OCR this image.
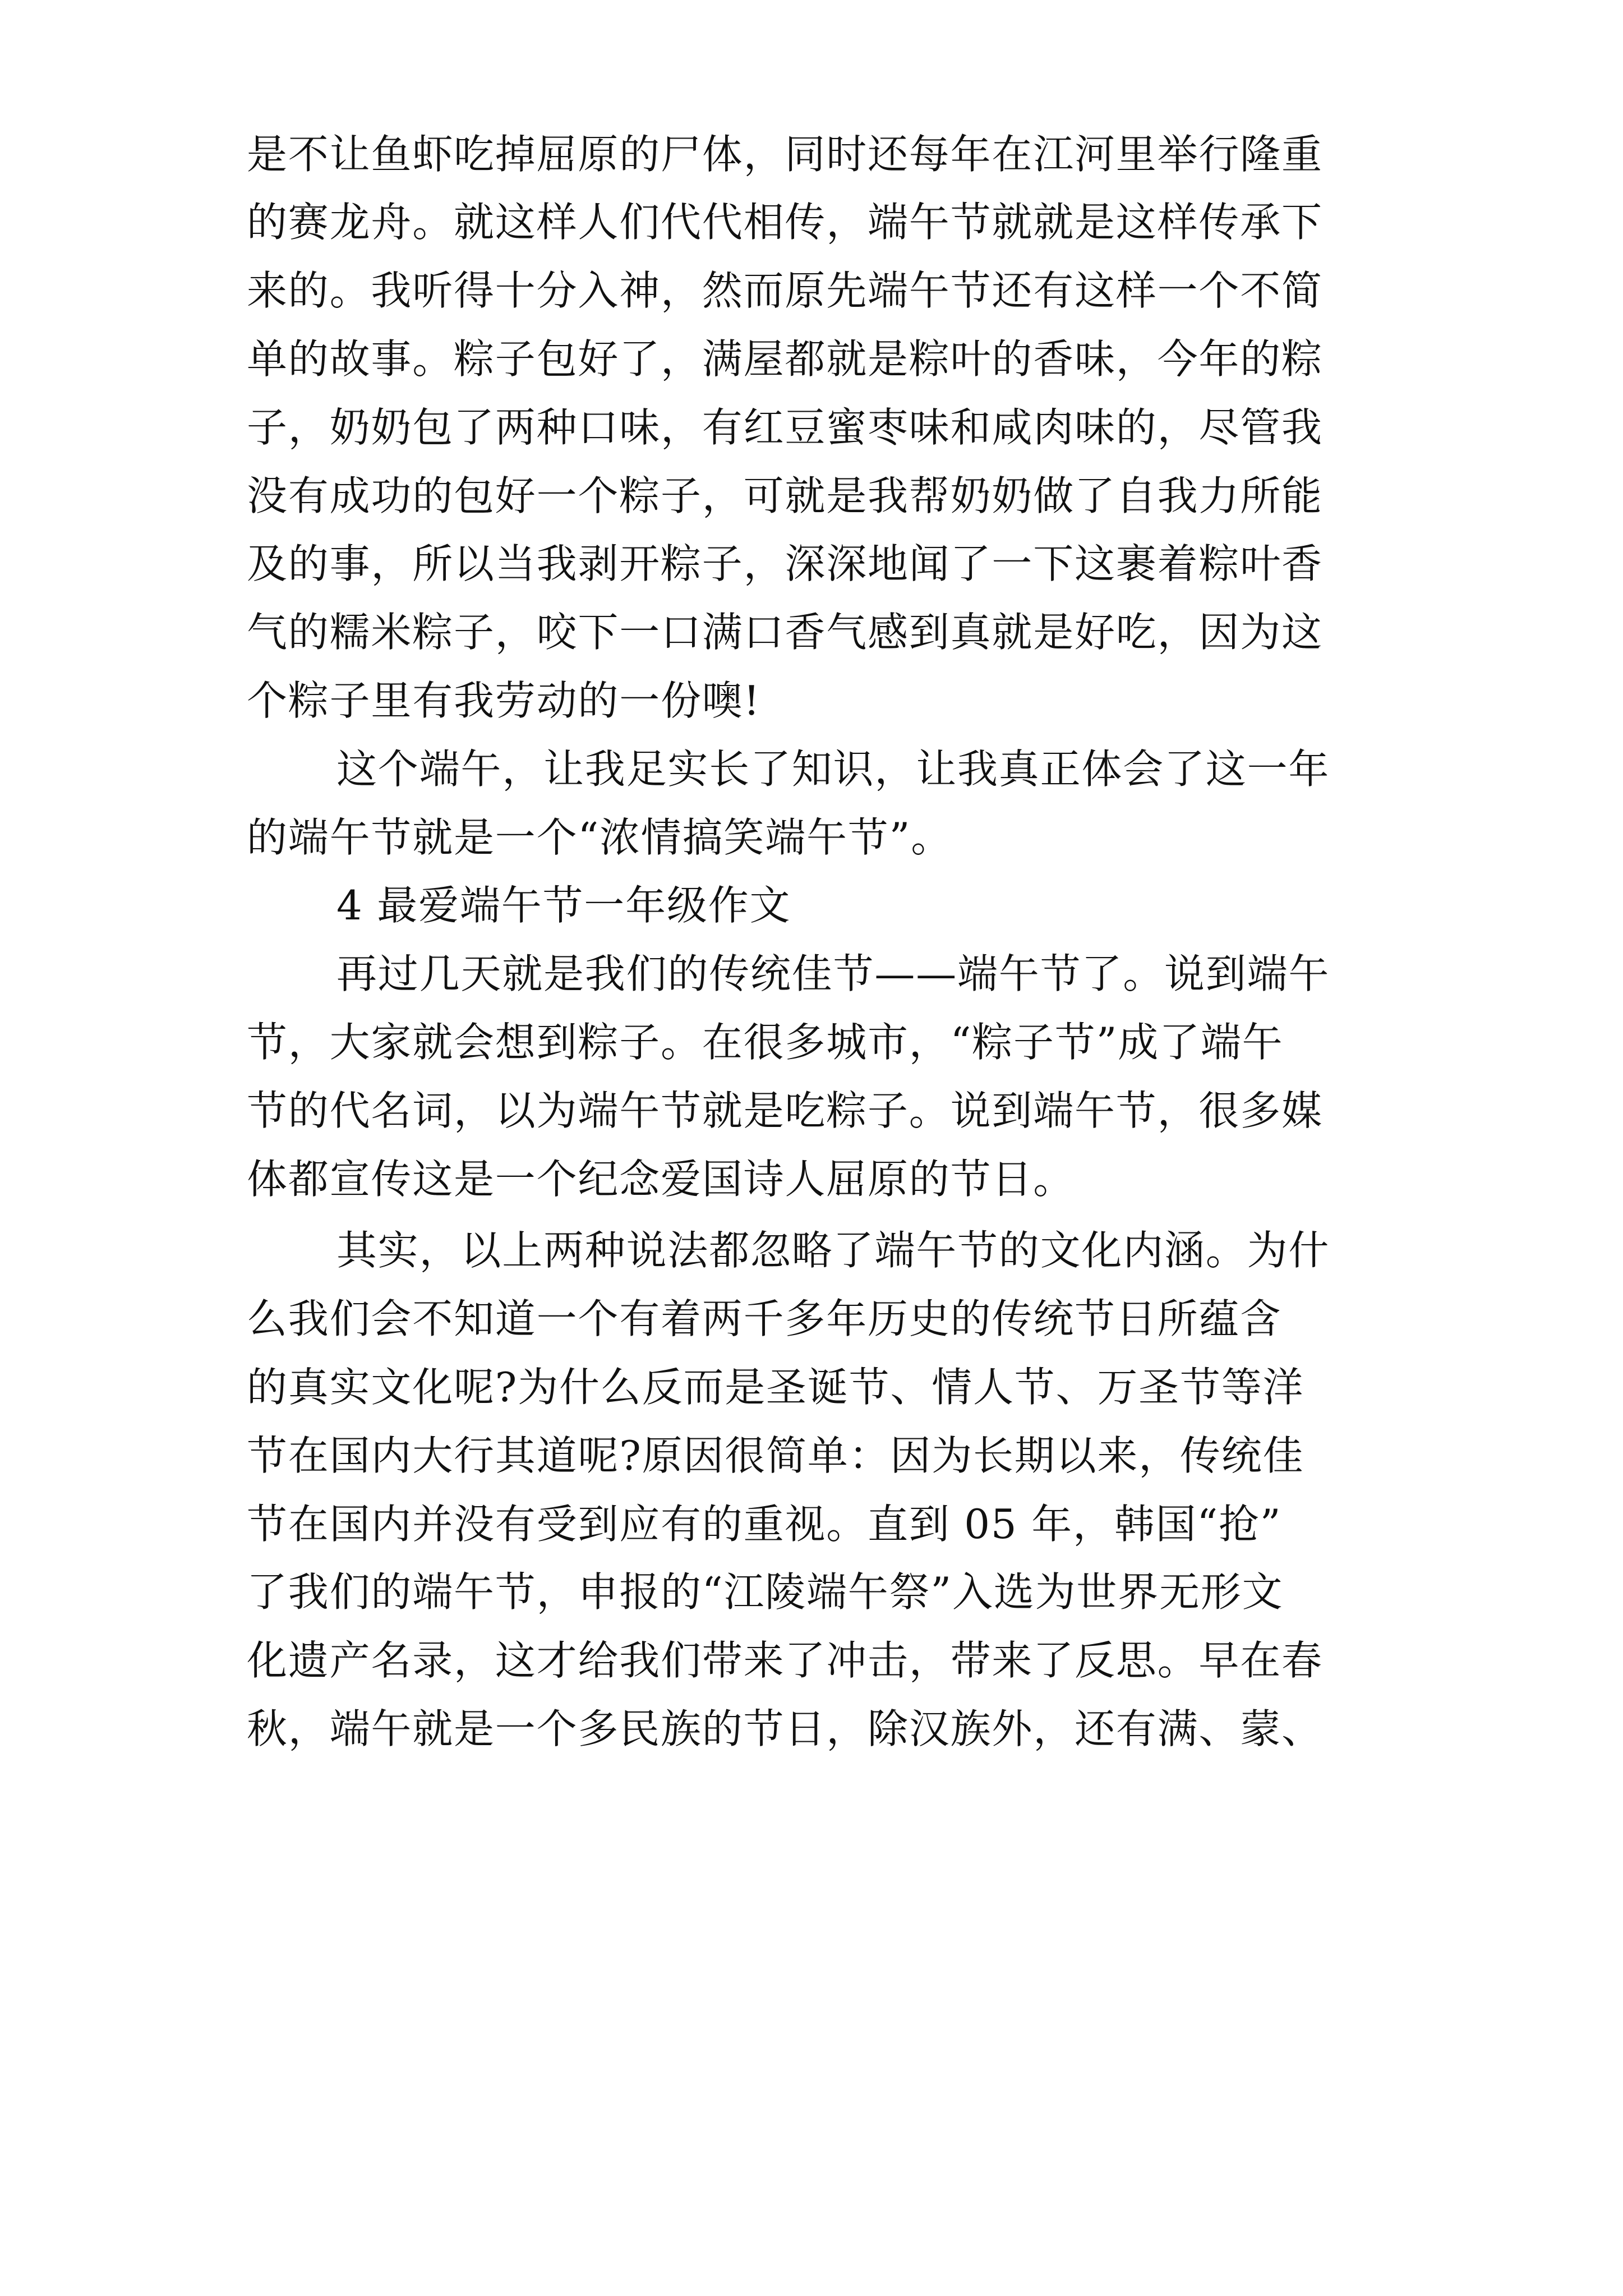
是不让鱼虾吃掉屈原的尸体，同时还每年在江河里举行隆重
的赛龙舟。就这样人们代代相传，端午节就就是这样传承下
来的。我听得十分入神，然而原先端午节还有这样一个不简
单的故事。粽子包好了，满屋都就是粽叶的香味，今年的粽
子，奶奶包了两种口味，有红豆蜜枣味和咸肉味的，尽管我
没有成功的包好一个粽子，可就是我帮奶奶做了自我力所能
及的事，所以当我剥开粽子，深深地闻了一下这裹着粽叶香
气的糯米粽子，咬下一口满口香气感到真就是好吃，因为这
个粽子里有我劳动的一份噢!
这个端午，让我足实长了知识，让我真正体会了这一年
的端午节就是一个“浓情搞笑端午节”。
4 最爱端午节一年级作文
再过几天就是我们的传统佳节——端午节了。说到端午
节，大家就会想到粽子。在很多城市，“粽子节”成了端午
节的代名词，以为端午节就是吃粽子。说到端午节，很多媒
体都宣传这是一个纪念爱国诗人屈原的节日。
其实，以上两种说法都忽略了端午节的文化内涵。为什
么我们会不知道一个有着两千多年历史的传统节日所蕴含
的真实文化呢?为什么反而是圣诞节、情人节、万圣节等洋
节在国内大行其道呢?原因很简单：因为长期以来，传统佳
节在国内并没有受到应有的重视。直到 05 年，韩国“抢”
了我们的端午节，申报的“江陵端午祭”入选为世界无形文
化遗产名录，这才给我们带来了冲击，带来了反思。早在春
秋，端午就是一个多民族的节日，除汉族外，还有满、蒙、
